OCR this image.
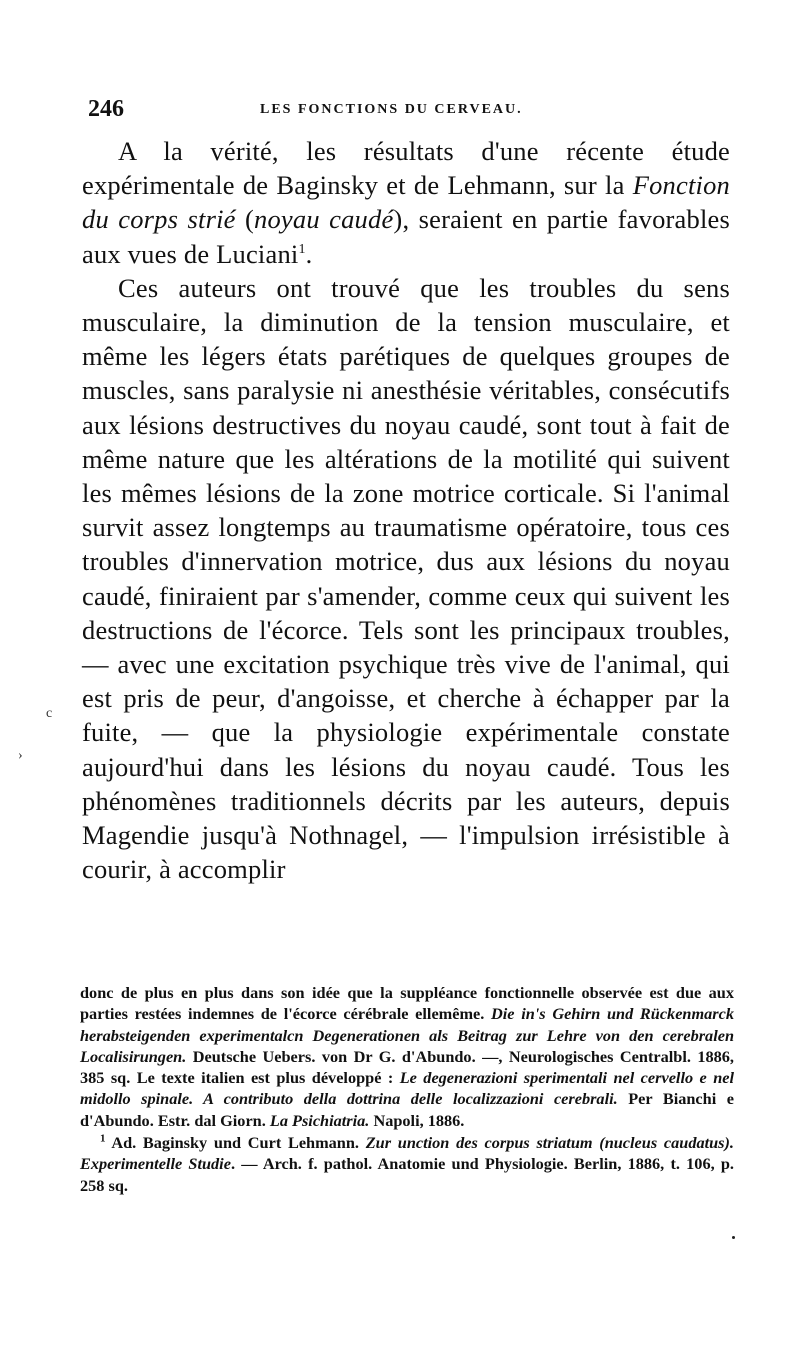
246	LES FONCTIONS DU CERVEAU.

A la vérité, les résultats d'une récente étude expérimentale de Baginsky et de Lehmann, sur la Fonction du corps strié (noyau caudé), seraient en partie favorables aux vues de Luciani$^1$.

Ces auteurs ont trouvé que les troubles du sens musculaire, la diminution de la tension musculaire, et même les légers états parétiques de quelques groupes de muscles, sans paralysie ni anesthésie véritables, consécutifs aux lésions destructives du noyau caudé, sont tout à fait de même nature que les altérations de la motilité qui suivent les mêmes lésions de la zone motrice corticale. Si l'animal survit assez longtemps au traumatisme opératoire, tous ces troubles d'innervation motrice, dus aux lésions du noyau caudé, finiraient par s'amender, comme ceux qui suivent les destructions de l'écorce. Tels sont les principaux troubles, — avec une excitation psychique très vive de l'animal, qui est pris de peur, d'angoisse, et cherche à échapper par la fuite, — que la physiologie expérimentale constate aujourd'hui dans les lésions du noyau caudé. Tous les phénomènes traditionnels décrits par les auteurs, depuis Magendie jusqu'à Nothnagel, — l'impulsion irrésistible à courir, à accomplir

c
›

donc de plus en plus dans son idée que la suppléance fonctionnelle observée est due aux parties restées indemnes de l'écorce cérébrale ellemême. Die in's Gehirn und Rückenmarck herabsteigenden experimentalcn Degenerationen als Beitrag zur Lehre von den cerebralen Localisirungen. Deutsche Uebers. von Dr G. d'Abundo. —, Neurologisches Centralbl. 1886, 385 sq. Le texte italien est plus développé : Le degenerazioni sperimentali nel cervello e nel midollo spinale. A contributo della dottrina delle localizzazioni cerebrali. Per Bianchi e d'Abundo. Estr. dal Giorn. La Psichiatria. Napoli, 1886.

$^1$ Ad. Baginsky und Curt Lehmann. Zur unction des corpus striatum (nucleus caudatus). Experimentelle Studie. — Arch. f. pathol. Anatomie und Physiologie. Berlin, 1886, t. 106, p. 258 sq.
